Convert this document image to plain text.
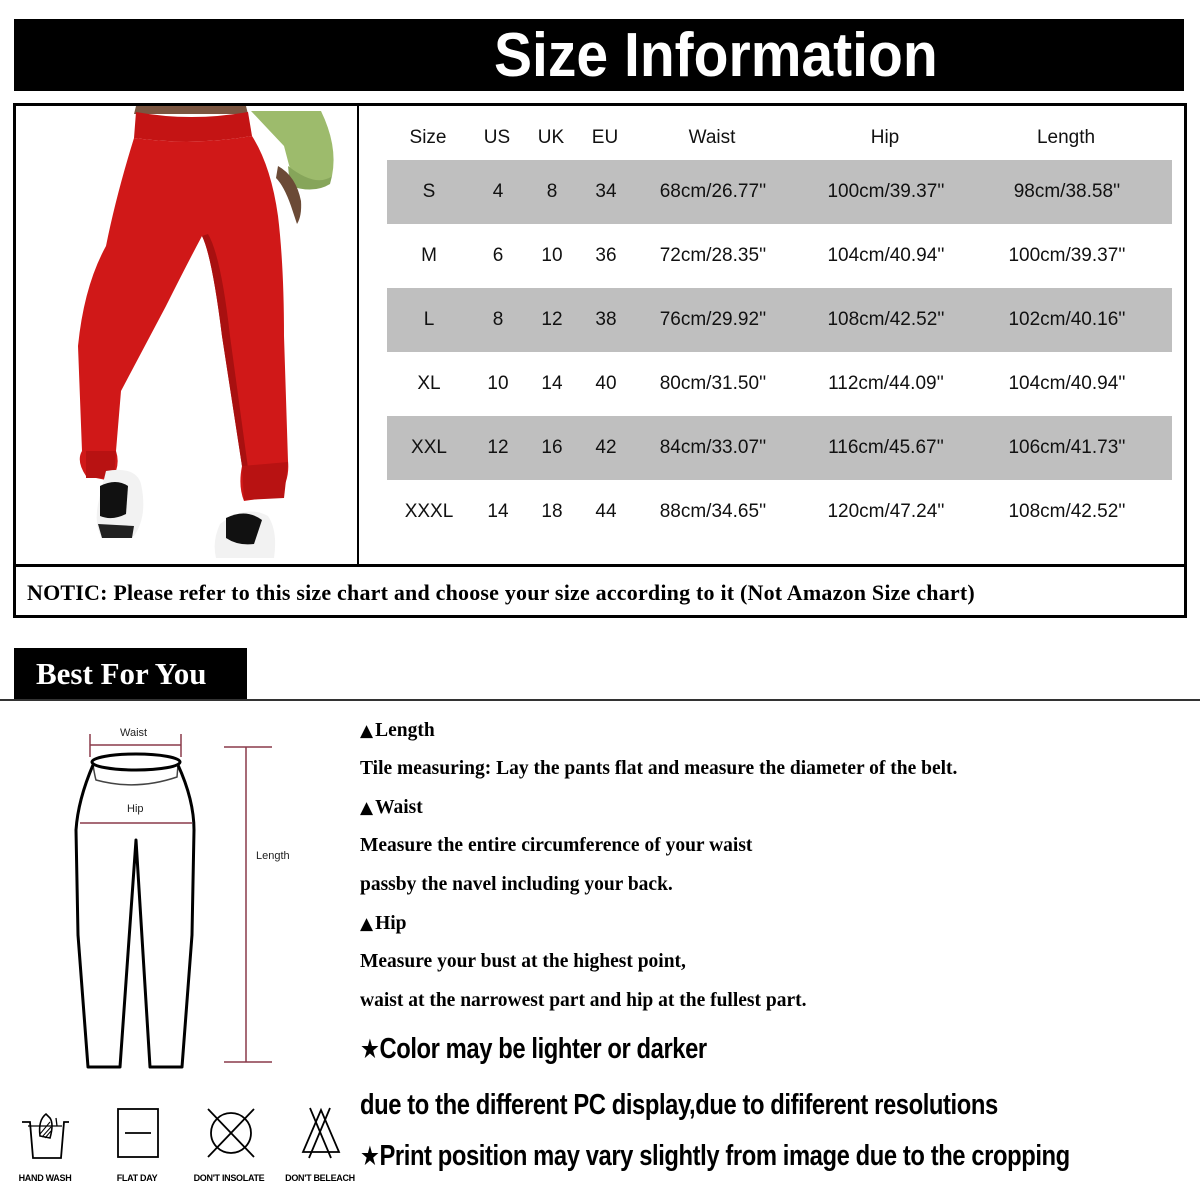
Size Information
Size	US	UK	EU	Waist	Hip	Length
S	4	8	34	68cm/26.77''	100cm/39.37''	98cm/38.58''
M	6	10	36	72cm/28.35''	104cm/40.94''	100cm/39.37''
L	8	12	38	76cm/29.92''	108cm/42.52''	102cm/40.16''
XL	10	14	40	80cm/31.50''	112cm/44.09''	104cm/40.94''
XXL	12	16	42	84cm/33.07''	116cm/45.67''	106cm/41.73''
XXXL	14	18	44	88cm/34.65''	120cm/47.24''	108cm/42.52''
NOTIC: Please refer to this size chart and choose your size according to it (Not Amazon Size chart)
Best For You
Waist
Hip
Length
HAND WASH	FLAT DAY	DON'T INSOLATE	DON'T BELEACH
▲ Length
Tile measuring: Lay the pants flat and measure the diameter of the belt.
▲ Waist
Measure the entire circumference of your waist
passby the navel including your back.
▲ Hip
Measure your bust at the highest point,
waist at the narrowest part and hip at the fullest part.
★Color may be lighter or darker
due to the different PC display,due to dififerent resolutions
★Print position may vary slightly from image due to the cropping
